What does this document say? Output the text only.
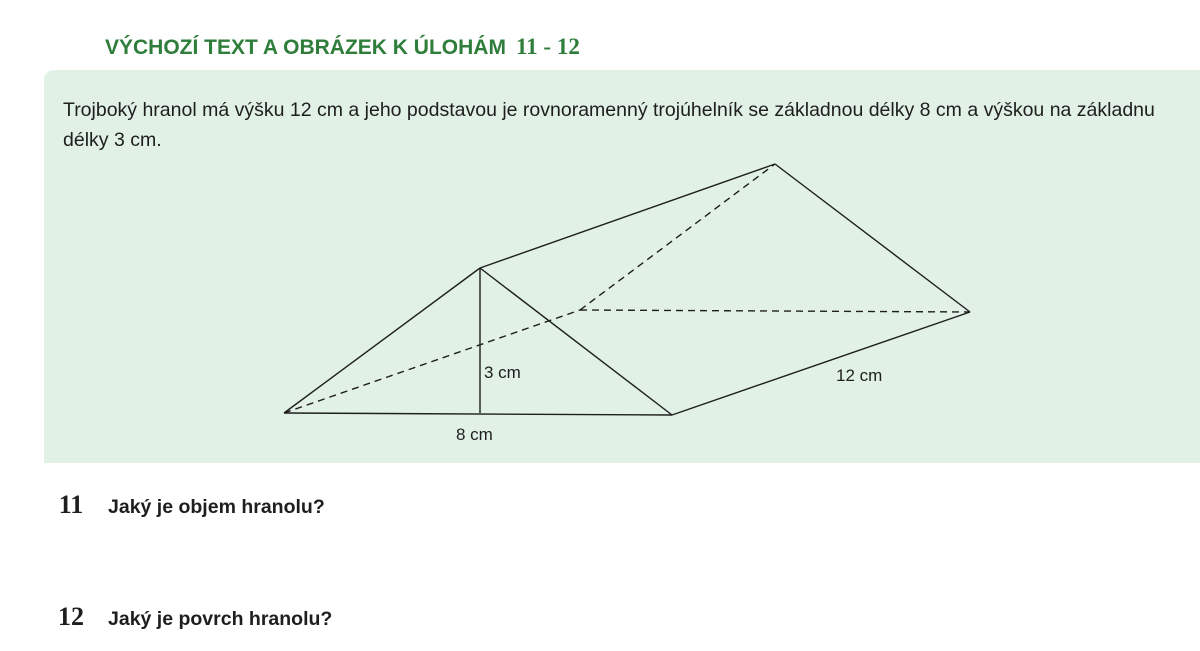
VÝCHOZÍ TEXT A OBRÁZEK K ÚLOHÁM 11 - 12
Trojboký hranol má výšku 12 cm a jeho podstavou je rovnoramenný trojúhelník se základnou délky 8 cm a výškou na základnu délky 3 cm.
3 cm
8 cm
12 cm
11	Jaký je objem hranolu?
12	Jaký je povrch hranolu?
